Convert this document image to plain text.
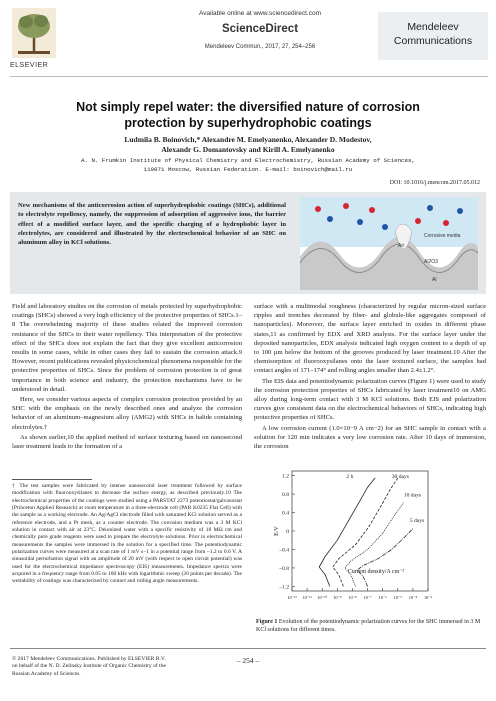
ELSEVIER
Available online at www.sciencedirect.com
ScienceDirect
Mendeleev Commun., 2017, 27, 254–256
Mendeleev
Communications
Not simply repel water: the diversified nature of corrosion
protection by superhydrophobic coatings
Ludmila B. Boinovich,* Alexandre M. Emelyanenko, Alexander D. Modestov,
Alexandr G. Domantovsky and Kirill A. Emelyanenko
A. N. Frumkin Institute of Physical Chemistry and Electrochemistry, Russian Academy of Sciences,
119071 Moscow, Russian Federation. E-mail: boinovich@mail.ru
DOI: 10.1016/j.mencom.2017.05.012
New mechanisms of the anticorrosion action of superhydrophobic coatings (SHCs), additional to electrolyte repellency, namely, the suppression of adsorption of aggressive ions, the barrier effect of a modified surface layer, and the specific charging of a hydrophobic layer in electrolytes, are considered and illustrated by the electrochemical behavior of an SHC on aluminum alloy in KCl solutions.
Corrosive media
Air
Al2O3
Al

Field and laboratory studies on the corrosion of metals protected by superhydrophobic coatings (SHCs) showed a very high efficiency of the protective properties of SHCs.1–8 The overwhelming majority of these studies related the improved corrosion resistance of the SHCs to their water repellency. This interpretation of the protective effect of the SHCs does not explain the fact that they give excellent anticorrosion results in some cases, while in other cases they fail to sustain the corrosion attack.9 However, recent publications revealed physicochemical phenomena responsible for the protective properties of SHCs. Since the problem of corrosion protection is of great importance in both science and industry, the protection mechanisms have to be understood in detail.

Here, we consider various aspects of complex corrosion protection provided by an SHC with the emphasis on the newly described ones and analyze the corrosion behavior of an aluminum–magnesium alloy (AMG2) with SHCs in halide containing electrolytes.†

As shown earlier,10 the applied method of surface texturing based on nanosecond laser treatment leads to the formation of a

surface with a multimodal roughness (characterized by regular micron-sized surface ripples and trenches decorated by fiber- and globule-like aggregates composed of nanoparticles). Moreover, the surface layer enriched in oxides in different phase states,11 as confirmed by EDX and XRD analysis. For the surface layer under the deposited nanoparticles, EDX analysis indicated high oxygen content to a depth of up to 100 µm below the bottom of the grooves produced by laser treatment.10 After the chemisorption of fluorooxysilanes onto the laser textured surface, the samples had contact angles of 171–174° and rolling angles smaller than 2.4±1.2°.

The EIS data and potentiodynamic polarization curves (Figure 1) were used to study the corrosion protection properties of SHCs fabricated by laser treatment10 on AMG alloy during long-term contact with 3 M KCl solutions. Both EIS and polarization curves give consistent data on the electrochemical behaviors of SHCs, indicating high protective properties of SHCs.

A low corrosion current (1.0×10−9 A cm−2) for an SHC sample in contact with a solution for 120 min indicates a very low corrosion rate. After 10 days of immersion, the corrosion

† The test samples were fabricated by intense nanosecond laser treatment followed by surface modification with fluorooxysilanes to decrease the surface energy, as described previously.10 The electrochemical properties of the coatings were studied using a PARSTAT 2273 potentiostat/galvanostat (Princeton Applied Research) at room temperature in a three-electrode cell (PAR K0235 Flat Cell) with the sample as a working electrode. An Ag/AgCl electrode filled with saturated KCl solution served as a reference electrode, and a Pt mesh, as a counter electrode. The corrosion medium was a 3 M KCl solution in contact with air at 23°C. Deionized water with a specific resistivity of 18 MΩ cm and chemically pure grade reagents were used to prepare the electrolyte solutions. Prior to electrochemical measurements the samples were immersed in the solution for a specified time. The potentiodynamic polarization curves were measured at a scan rate of 1 mV s−1 in a potential range from –1.2 to 0.6 V. A sinusoidal perturbation signal with an amplitude of 20 mV (with respect to open circuit potential) was used for the electrochemical impedance spectroscopy (EIS) measurements. Impedance spectra were acquired in a frequency range from 0.05 to 100 kHz with logarithmic sweep (20 points per decade). The wettability of coatings was characterized by contact and rolling angle measurements.
1.2
0.8
0.4
0
–0.4
–0.8
–1.2
10⁻¹² 10⁻¹¹ 10⁻¹⁰ 10⁻⁹ 10⁻⁸ 10⁻⁷ 10⁻⁶ 10⁻⁵ 10⁻⁴ 10⁻³
E/V
Current density/A cm⁻²
2 h	30 days
10 days
5 days
Figure 1 Evolution of the potentiodynamic polarization curves for the SHC immersed in 3 M KCl solutions for different times.
© 2017 Mendeleev Communications. Published by ELSEVIER B.V.
on behalf of the N. D. Zelinsky Institute of Organic Chemistry of the
Russian Academy of Sciences.
– 254 –
